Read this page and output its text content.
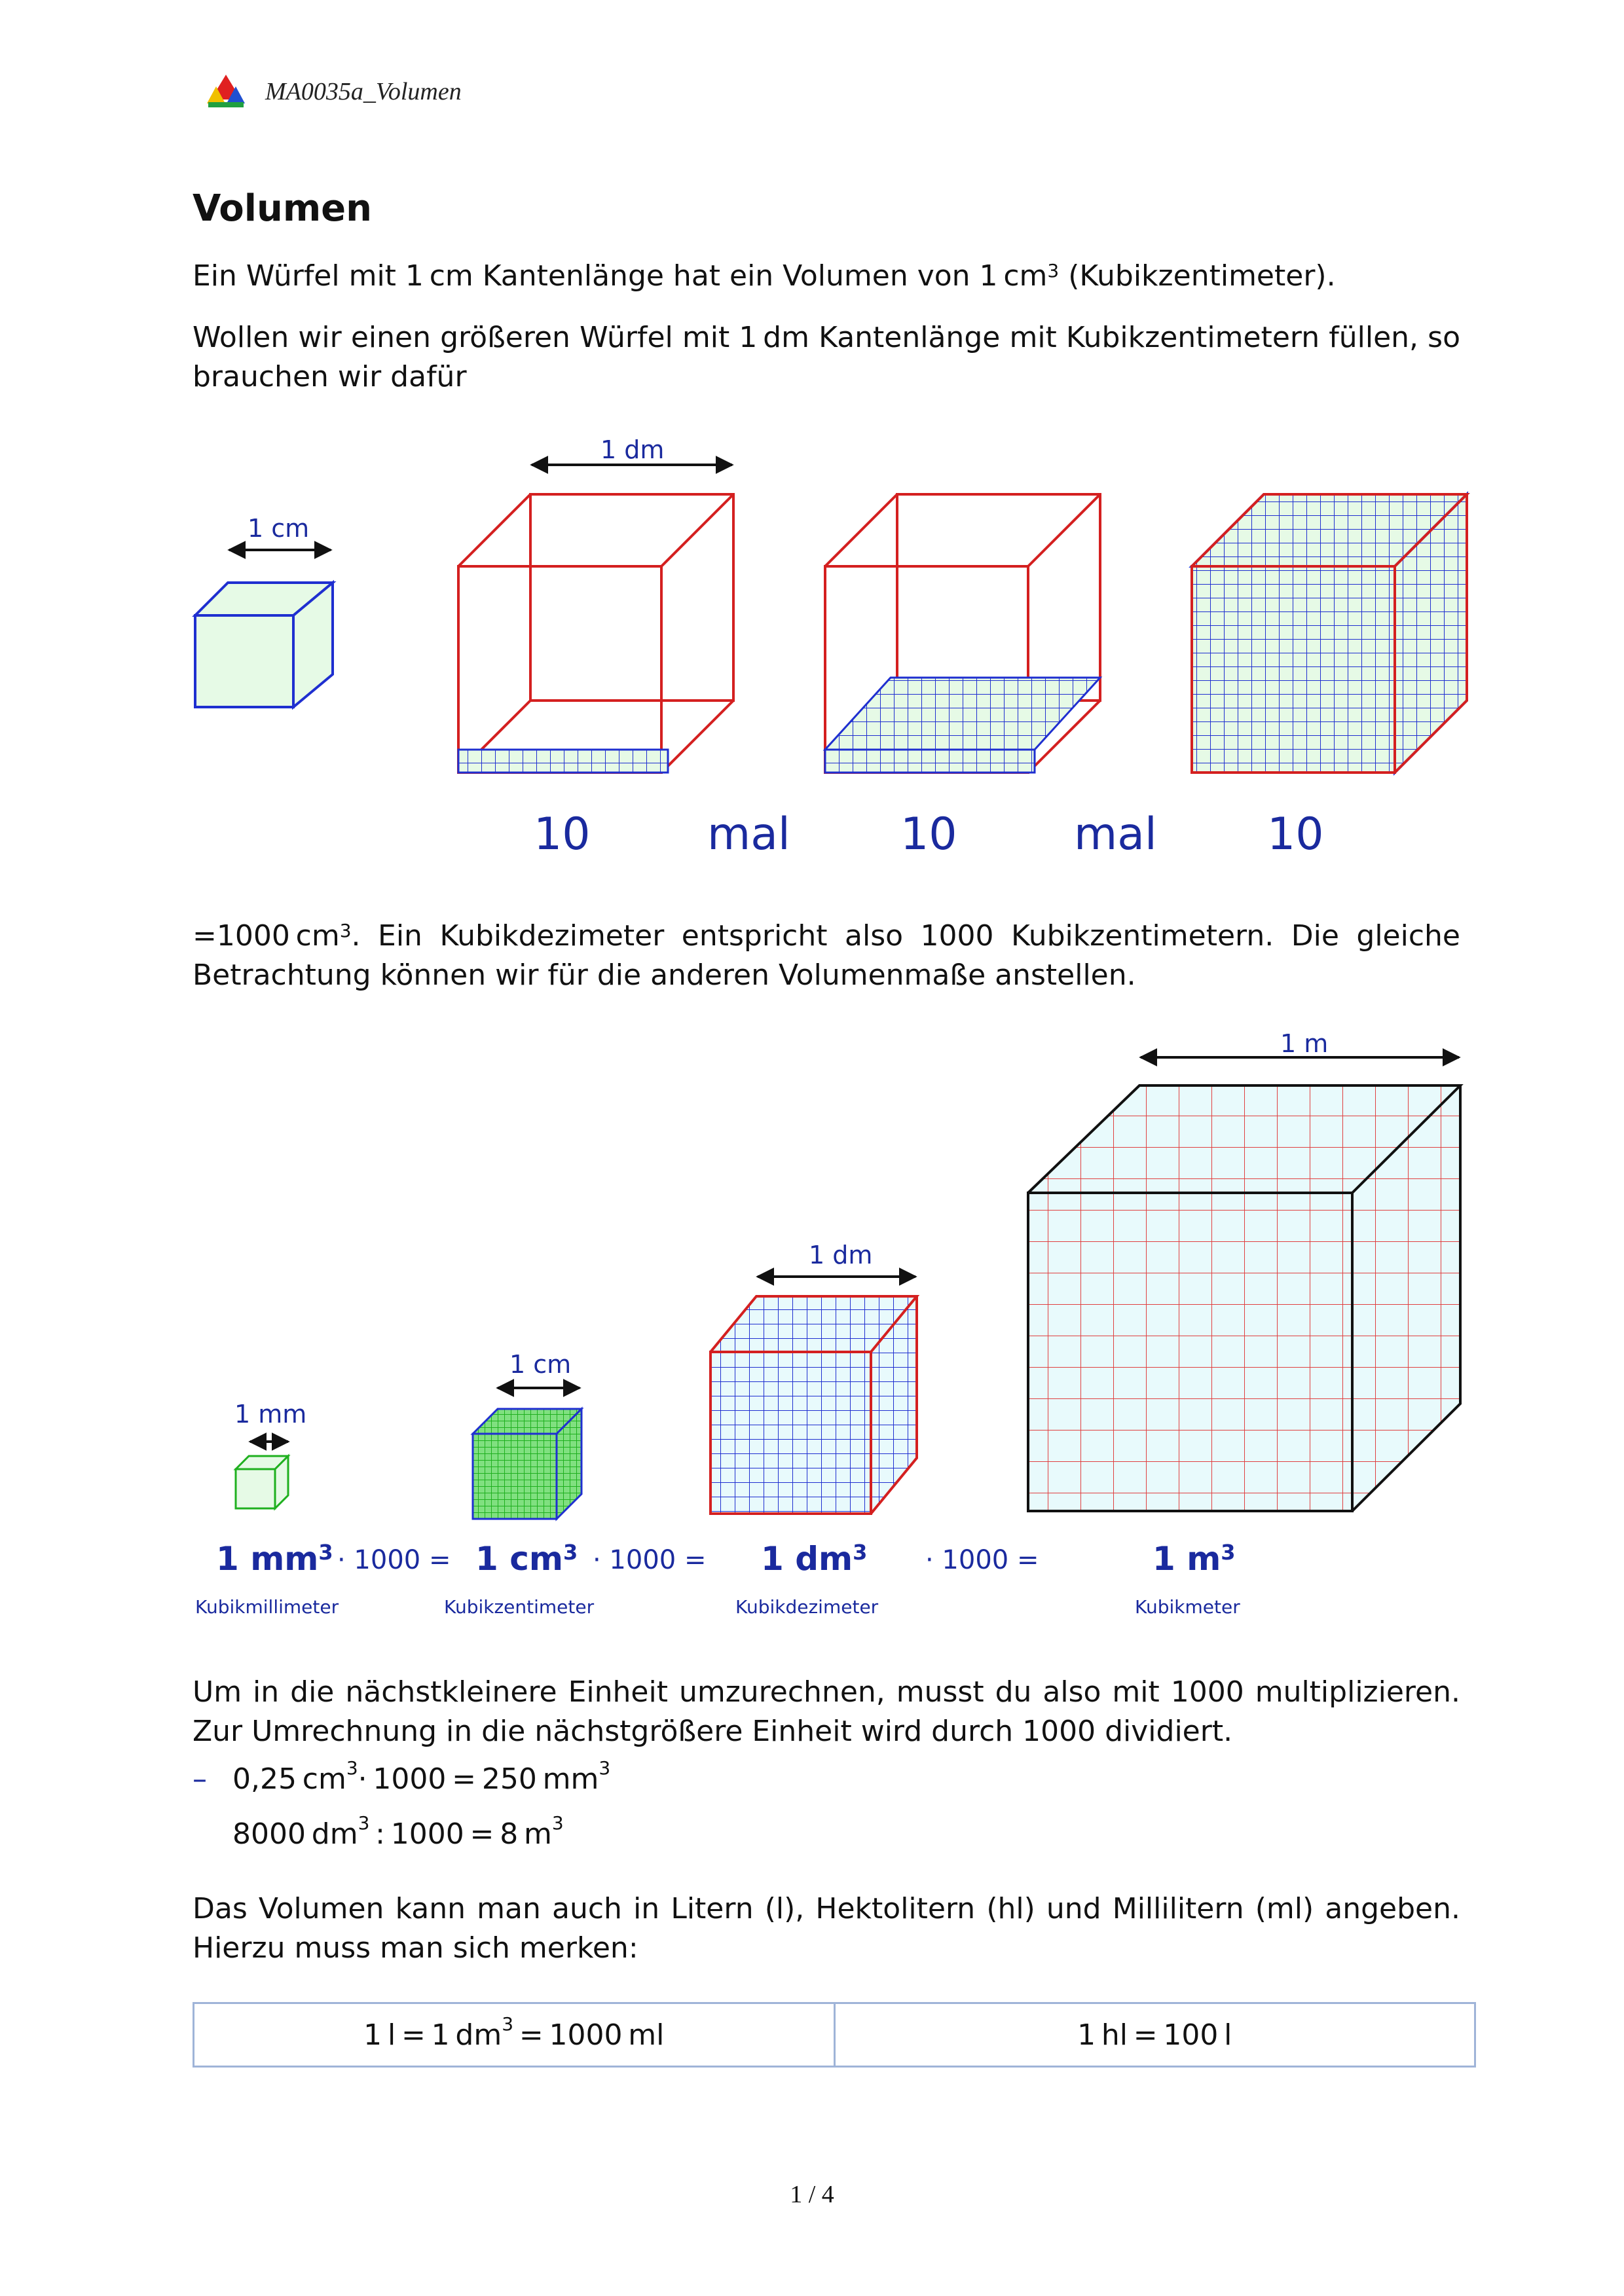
MA0035a_Volumen
Volumen
Ein Würfel mit 1 cm Kantenlänge hat ein Volumen von 1 $cm^3$ (Kubikzentimeter).
Wollen wir einen größeren Würfel mit 1 dm Kantenlänge mit Kubikzentimetern füllen, so brauchen wir dafür
1 cm
1 dm
10	mal 10	mal 10
=1000 $cm^3$. Ein Kubikdezimeter entspricht also 1000 Kubikzentimetern. Die gleiche Betrachtung können wir für die anderen Volumenmaße anstellen.
1 mm
1 cm
1 dm
1 m
1 $mm^3 \cdot 1000 = 1$ $cm^3 \cdot 1000 = 1$ $dm^3 \cdot 1000$ =	1 $m^3$
Kubikmillimeter	Kubikzentimeter	Kubikdezimeter	Kubikmeter
Um in die nächstkleinere Einheit umzurechnen, musst du also mit 1000 multiplizieren. Zur Umrechnung in die nächstgrößere Einheit wird durch 1000 dividiert.
– 0,25 $cm^3\cdot 1000 = 250$ $mm^3$
8000 $dm^3$ : 1000 = 8 $m^3$
Das Volumen kann man auch in Litern (l), Hektolitern (hl) und Millilitern (ml) angeben. Hierzu muss man sich merken:
1 l = 1 $dm^3 = 1000$ ml	1 hl = 100 l
1 / 4
